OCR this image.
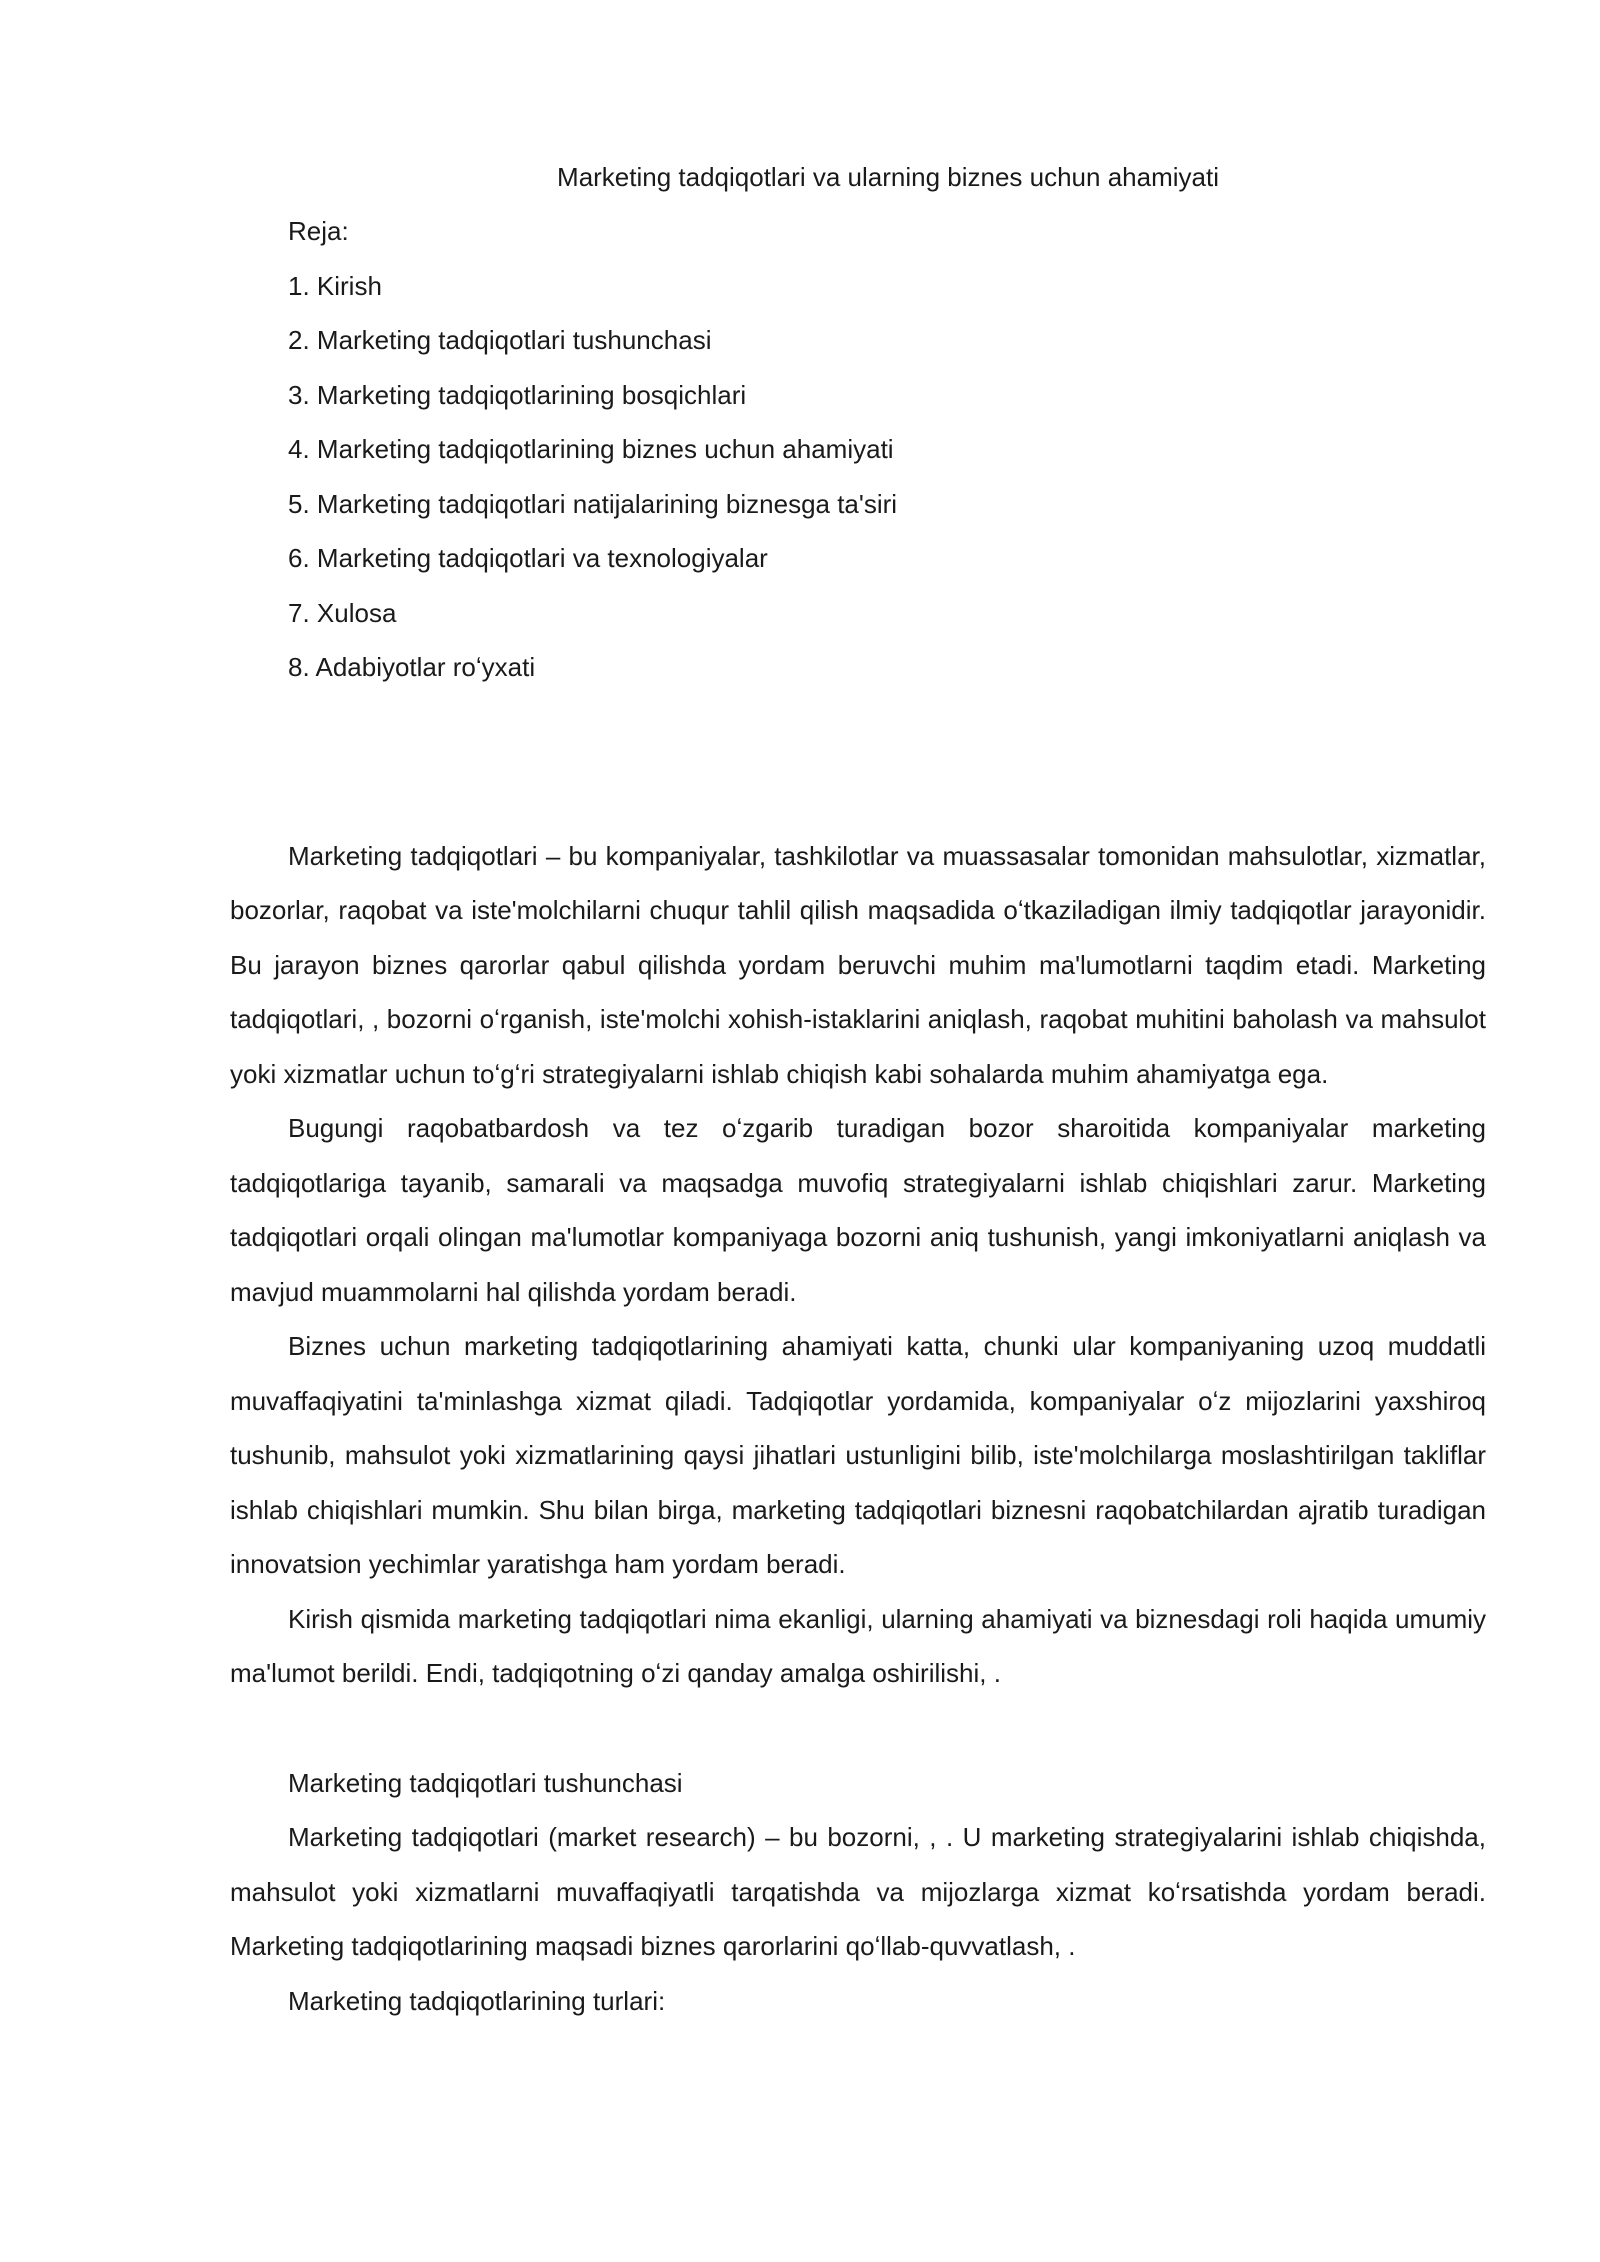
Marketing tadqiqotlari va ularning biznes uchun ahamiyati

Reja:

1. Kirish
2. Marketing tadqiqotlari tushunchasi
3. Marketing tadqiqotlarining bosqichlari
4. Marketing tadqiqotlarining biznes uchun ahamiyati
5. Marketing tadqiqotlari natijalarining biznesga ta'siri
6. Marketing tadqiqotlari va texnologiyalar
7. Xulosa
8. Adabiyotlar roʻyxati

Marketing tadqiqotlari – bu kompaniyalar, tashkilotlar va muassasalar tomonidan mahsulotlar, xizmatlar, bozorlar, raqobat va iste'molchilarni chuqur tahlil qilish maqsadida oʻtkaziladigan ilmiy tadqiqotlar jarayonidir. Bu jarayon biznes qarorlar qabul qilishda yordam beruvchi muhim ma'lumotlarni taqdim etadi. Marketing tadqiqotlari, , bozorni oʻrganish, iste'molchi xohish-istaklarini aniqlash, raqobat muhitini baholash va mahsulot yoki xizmatlar uchun toʻgʻri strategiyalarni ishlab chiqish kabi sohalarda muhim ahamiyatga ega.

Bugungi raqobatbardosh va tez oʻzgarib turadigan bozor sharoitida kompaniyalar marketing tadqiqotlariga tayanib, samarali va maqsadga muvofiq strategiyalarni ishlab chiqishlari zarur. Marketing tadqiqotlari orqali olingan ma'lumotlar kompaniyaga bozorni aniq tushunish, yangi imkoniyatlarni aniqlash va mavjud muammolarni hal qilishda yordam beradi.

Biznes uchun marketing tadqiqotlarining ahamiyati katta, chunki ular kompaniyaning uzoq muddatli muvaffaqiyatini ta'minlashga xizmat qiladi. Tadqiqotlar yordamida, kompaniyalar oʻz mijozlarini yaxshiroq tushunib, mahsulot yoki xizmatlarining qaysi jihatlari ustunligini bilib, iste'molchilarga moslashtirilgan takliflar ishlab chiqishlari mumkin. Shu bilan birga, marketing tadqiqotlari biznesni raqobatchilardan ajratib turadigan innovatsion yechimlar yaratishga ham yordam beradi.

Kirish qismida marketing tadqiqotlari nima ekanligi, ularning ahamiyati va biznesdagi roli haqida umumiy ma'lumot berildi. Endi, tadqiqotning oʻzi qanday amalga oshirilishi, .

Marketing tadqiqotlari tushunchasi

Marketing tadqiqotlari (market research) – bu bozorni, , . U marketing strategiyalarini ishlab chiqishda, mahsulot yoki xizmatlarni muvaffaqiyatli tarqatishda va mijozlarga xizmat koʻrsatishda yordam beradi. Marketing tadqiqotlarining maqsadi biznes qarorlarini qoʻllab-quvvatlash, .

Marketing tadqiqotlarining turlari:
